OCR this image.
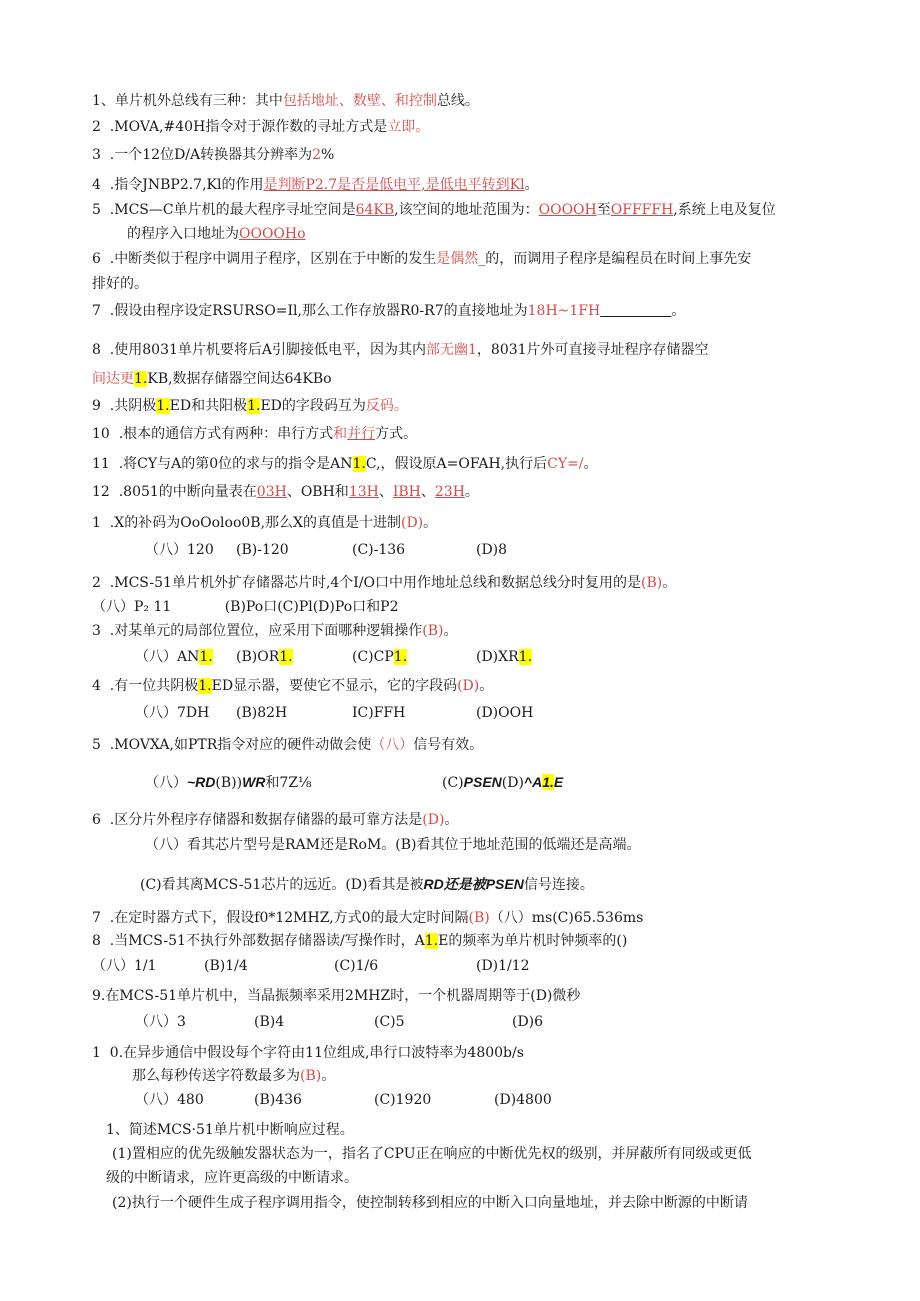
1、单片机外总线有三种：其中包括地址、数壁、和控制总线。
2  .MOVA,#40H指令对于源作数的寻址方式是立即。
3  .一个12位D/A转换器其分辨率为2%
4  .指令JNBP2.7,Kl的作用是判断P2.7是否是低电平,是低电平转到Kl。
5  .MCS—C单片机的最大程序寻址空间是64KB,该空间的地址范围为：OOOOH至OFFFFH,系统上电及复位
的程序入口地址为OOOOHo
6  .中断类似于程序中调用子程序，区别在于中断的发生是偶然_的，而调用子程序是编程员在时间上事先安
排好的。
7  .假设由程序设定RSURSO=Il,那么工作存放器R0-R7的直接地址为18H~1FH	。
8  .使用8031单片机要将后A引脚接低电平，因为其内部无幽1，8031片外可直接寻址程序存储器空
间达更1.KB,数据存储器空间达64KBo
9  .共阴极1.ED和共阳极1.ED的字段码互为反码。
10  .根本的通信方式有两种：串行方式和并行方式。
11  .将CY与A的第0位的求与的指令是AN1.C,，假设原A=OFAH,执行后CY=/。
12  .8051的中断向量表在03H、OBH和13H、IBH、23H。
1  .X的补码为OoOoloo0B,那么X的真值是十进制(D)。
（八）120 (B)-120	(C)-136	(D)8
2  .MCS-51单片机外扩存储器芯片时,4个I/O口中用作地址总线和数据总线分时复用的是(B)。
（八）P₂ 11            (B)Po口(C)Pl(D)Po口和P2
3  .对某单元的局部位置位，应采用下面哪种逻辑操作(B)。
（八）AN1. (B)OR1.	(C)CP1.	(D)XR1.
4  .有一位共阴极1.ED显示器，要使它不显示，它的字段码(D)。
（八）7DH (B)82H	IC)FFH	(D)OOH
5  .MOVXA,如PTR指令对应的硬件动做会使（八）信号有效。
（八）~RD(B))WR和7Z⅛	(C)PSEN(D)^A1.E
6  .区分片外程序存储器和数据存储器的最可靠方法是(D)。
（八）看其芯片型号是RAM还是RoM。(B)看其位于地址范围的低端还是高端。
(C)看其离MCS-51芯片的远近。(D)看其是被RD还是被PSEN信号连接。
7  .在定时器方式下，假设f0*12MHZ,方式0的最大定时间隔(B)（八）ms(C)65.536ms
8  .当MCS-51不执行外部数据存储器读/写操作时，A1.E的频率为单片机时钟频率的()
（八）1/1	(B)1/4	(C)1/6	(D)1/12
9.在MCS-51单片机中，当晶振频率采用2MHZ时，一个机器周期等于(D)微秒
（八）3	(B)4	(C)5	(D)6
1  0.在异步通信中假设每个字符由11位组成,串行口波特率为4800b/s
那么每秒传送字符数最多为(B)。
（八）480	(B)436	(C)1920	(D)4800
1、简述MCS·51单片机中断响应过程。
(1)置相应的优先级触发器状态为一，指名了CPU正在响应的中断优先权的级别，并屏蔽所有同级或更低
级的中断请求，应许更高级的中断请求。
(2)执行一个硬件生成子程序调用指令，使控制转移到相应的中断入口向量地址，并去除中断源的中断请
